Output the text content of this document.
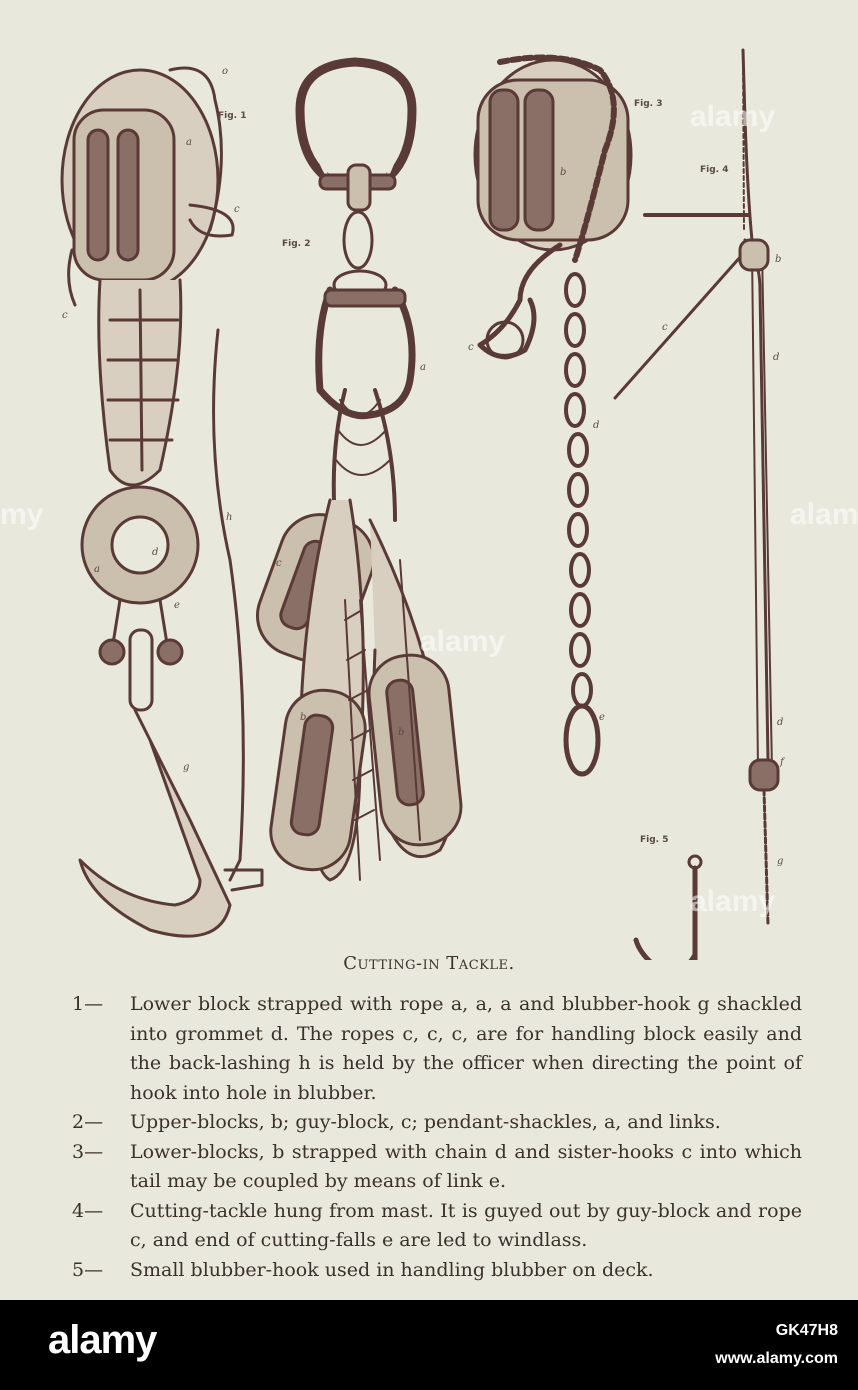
Fig. 1
Fig. 2
Fig. 3
Fig. 4
Fig. 5
o
a
c
c
d
a
e
h
g
a
c
b
b
c
d
e
b
d
b
c
d
f
g
Cutting-in Tackle.
1— Lower block strapped with rope a, a, a and blubber-hook g shackled into grommet d. The ropes c, c, c, are for handling block easily and the back-lashing h is held by the officer when directing the point of hook into hole in blubber.
2— Upper-blocks, b; guy-block, c; pendant-shackles, a, and links.
3— Lower-blocks, b strapped with chain d and sister-hooks c into which tail may be coupled by means of link e.
4— Cutting-tackle hung from mast. It is guyed out by guy-block and rope c, and end of cutting-falls e are led to windlass.
5— Small blubber-hook used in handling blubber on deck.
alamy
alamy
alamy
my	alam
alamy	GK47H8
www.alamy.com
